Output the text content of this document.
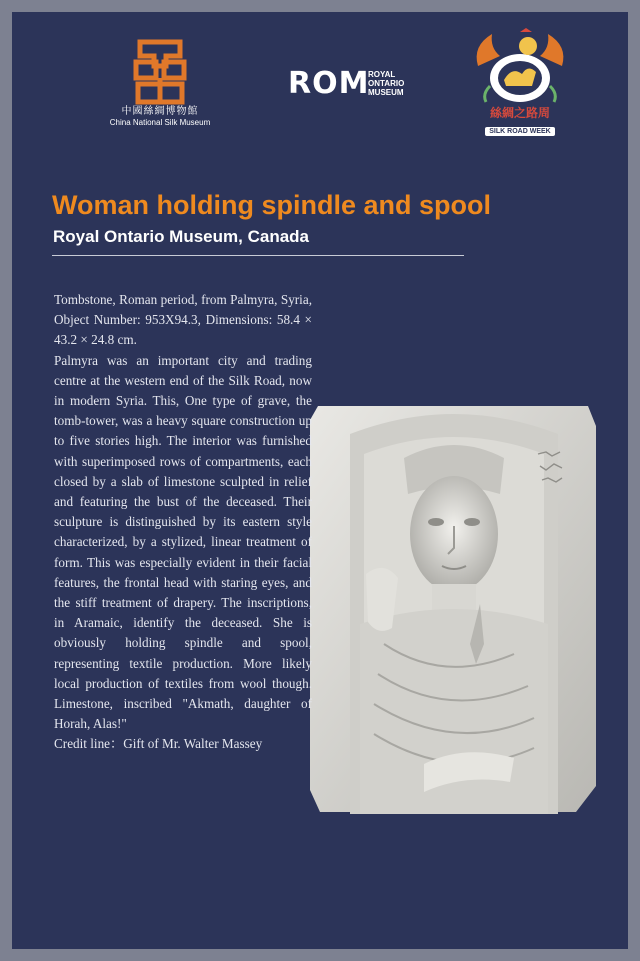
中國絲綢博物館
China National Silk Museum
ROM
ROYAL
ONTARIO
MUSEUM
絲綢之路周
SILK ROAD WEEK
Woman holding spindle and spool
Royal Ontario Museum, Canada

Tombstone, Roman period, from Palmyra, Syria, Object Number: 953X94.3, Dimensions: 58.4 × 43.2 × 24.8 cm.

Palmyra was an important city and trading centre at the western end of the Silk Road, now in modern Syria. This, One type of grave, the tomb-tower, was a heavy square construction up to five stories high. The interior was furnished with superimposed rows of compartments, each closed by a slab of limestone sculpted in relief and featuring the bust of the deceased. Their sculpture is distinguished by its eastern style characterized, by a stylized, linear treatment of form. This was especially evident in their facial features, the frontal head with staring eyes, and the stiff treatment of drapery. The inscriptions, in Aramaic, identify the deceased. She is obviously holding spindle and spool, representing textile production. More likely local production of textiles from wool though. Limestone, inscribed "Akmath, daughter of Horah, Alas!"

Credit line：Gift of Mr. Walter Massey
